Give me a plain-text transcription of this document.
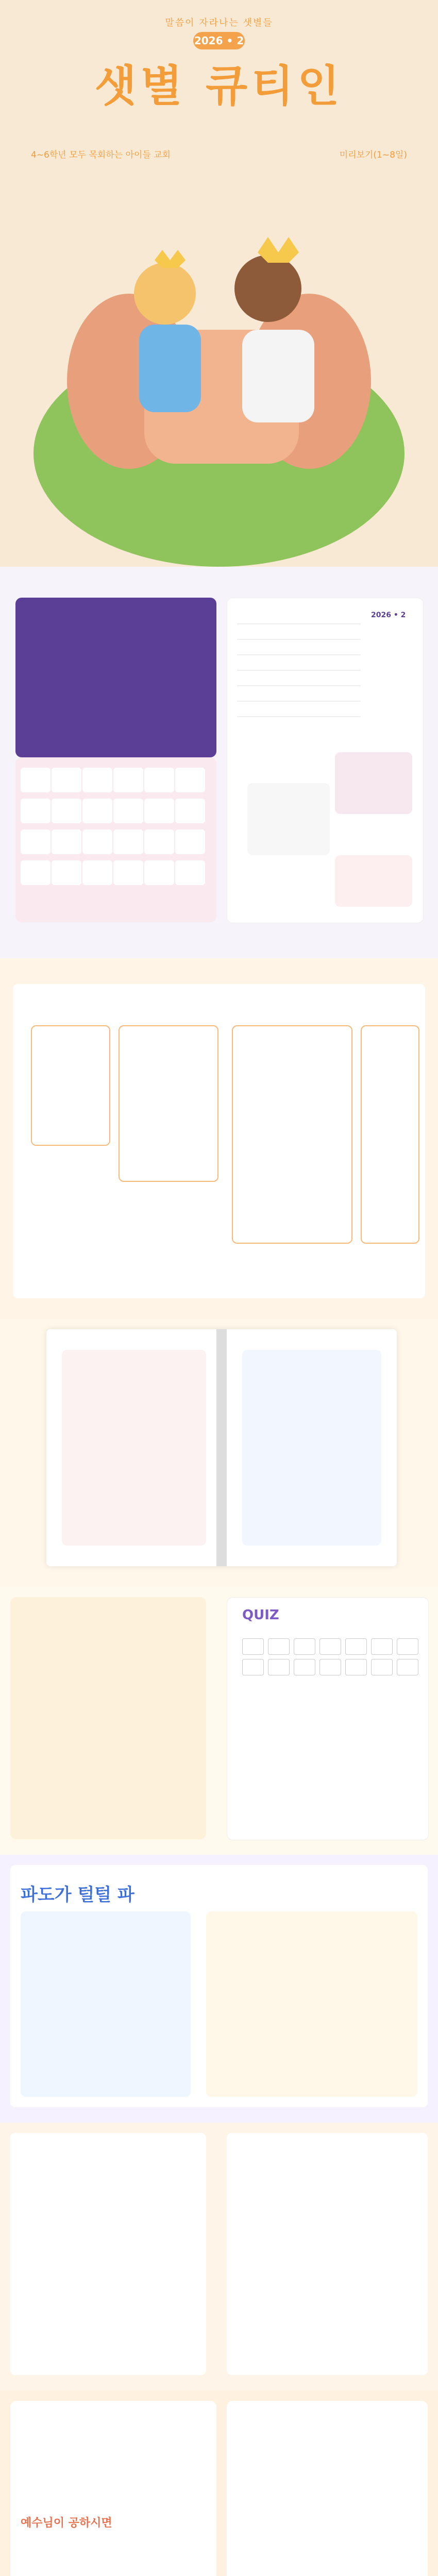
말씀이 자라나는 샛별들
2026 • 2
샛별 큐티인
4~6학년 모두 목회하는 아이들 교회	미리보기(1~8일)
2026 • 2
QUIZ
파도가 털털 파
예수님이 공하시면
